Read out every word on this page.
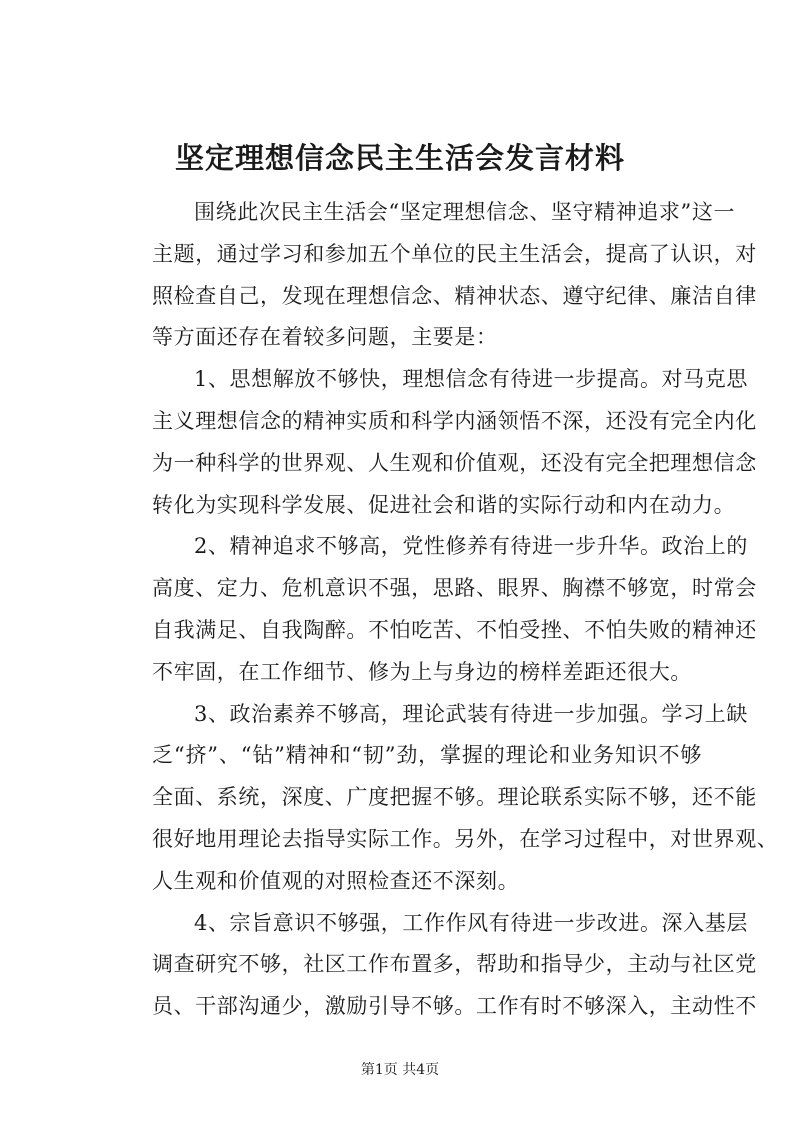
坚定理想信念民主生活会发言材料
围绕此次民主生活会“坚定理想信念、坚守精神追求”这一
主题，通过学习和参加五个单位的民主生活会，提高了认识，对
照检查自己，发现在理想信念、精神状态、遵守纪律、廉洁自律
等方面还存在着较多问题，主要是：
1、思想解放不够快，理想信念有待进一步提高。对马克思
主义理想信念的精神实质和科学内涵领悟不深，还没有完全内化
为一种科学的世界观、人生观和价值观，还没有完全把理想信念
转化为实现科学发展、促进社会和谐的实际行动和内在动力。
2、精神追求不够高，党性修养有待进一步升华。政治上的
高度、定力、危机意识不强，思路、眼界、胸襟不够宽，时常会
自我满足、自我陶醉。不怕吃苦、不怕受挫、不怕失败的精神还
不牢固，在工作细节、修为上与身边的榜样差距还很大。
3、政治素养不够高，理论武装有待进一步加强。学习上缺
乏“挤”、“钻”精神和“韧”劲，掌握的理论和业务知识不够
全面、系统，深度、广度把握不够。理论联系实际不够，还不能
很好地用理论去指导实际工作。另外，在学习过程中，对世界观、
人生观和价值观的对照检查还不深刻。
4、宗旨意识不够强，工作作风有待进一步改进。深入基层
调查研究不够，社区工作布置多，帮助和指导少，主动与社区党
员、干部沟通少，激励引导不够。工作有时不够深入，主动性不
第1页 共4页
